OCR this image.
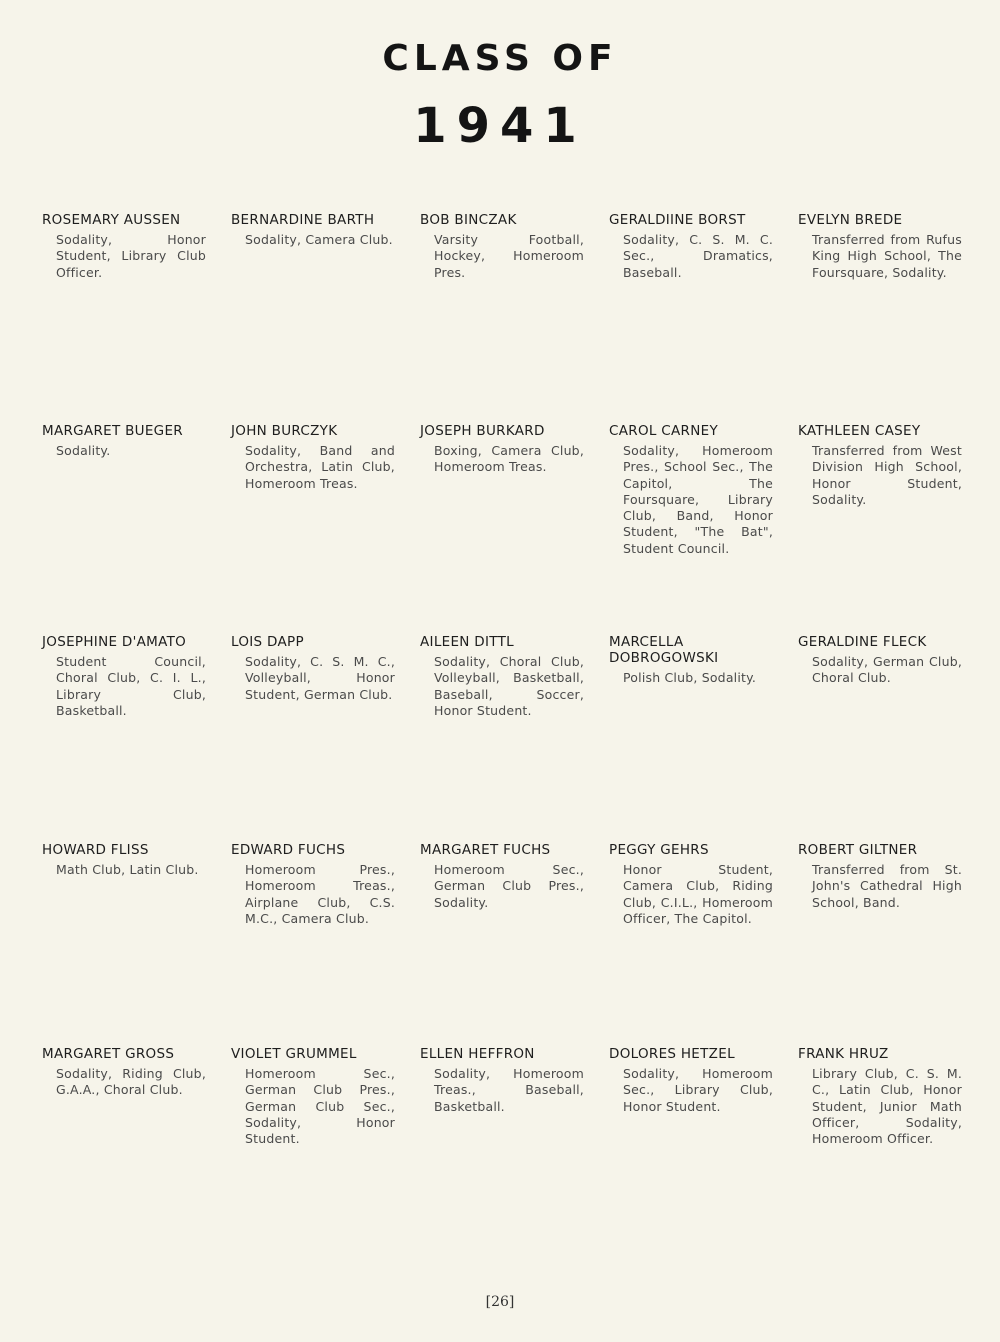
CLASS OF
1941
ROSEMARY AUSSEN
Sodality, Honor Student, Library Club Officer.
BERNARDINE BARTH
Sodality, Camera Club.
BOB BINCZAK
Varsity Football, Hockey, Homeroom Pres.
GERALDIINE BORST
Sodality, C. S. M. C. Sec., Dramatics, Baseball.
EVELYN BREDE
Transferred from Rufus King High School, The Foursquare, Sodality.
MARGARET BUEGER
Sodality.
JOHN BURCZYK
Sodality, Band and Orchestra, Latin Club, Homeroom Treas.
JOSEPH BURKARD
Boxing, Camera Club, Homeroom Treas.
CAROL CARNEY
Sodality, Homeroom Pres., School Sec., The Capitol, The Foursquare, Library Club, Band, Honor Student, "The Bat", Student Council.
KATHLEEN CASEY
Transferred from West Division High School, Honor Student, Sodality.
JOSEPHINE D'AMATO
Student Council, Choral Club, C. I. L., Library Club, Basketball.
LOIS DAPP
Sodality, C. S. M. C., Volleyball, Honor Student, German Club.
AILEEN DITTL
Sodality, Choral Club, Volleyball, Basketball, Baseball, Soccer, Honor Student.
MARCELLA DOBROGOWSKI
Polish Club, Sodality.
GERALDINE FLECK
Sodality, German Club, Choral Club.
HOWARD FLISS
Math Club, Latin Club.
EDWARD FUCHS
Homeroom Pres., Homeroom Treas., Airplane Club, C.S. M.C., Camera Club.
MARGARET FUCHS
Homeroom Sec., German Club Pres., Sodality.
PEGGY GEHRS
Honor Student, Camera Club, Riding Club, C.I.L., Homeroom Officer, The Capitol.
ROBERT GILTNER
Transferred from St. John's Cathedral High School, Band.
MARGARET GROSS
Sodality, Riding Club, G.A.A., Choral Club.
VIOLET GRUMMEL
Homeroom Sec., German Club Pres., German Club Sec., Sodality, Honor Student.
ELLEN HEFFRON
Sodality, Homeroom Treas., Baseball, Basketball.
DOLORES HETZEL
Sodality, Homeroom Sec., Library Club, Honor Student.
FRANK HRUZ
Library Club, C. S. M. C., Latin Club, Honor Student, Junior Math Officer, Sodality, Homeroom Officer.
[26]
